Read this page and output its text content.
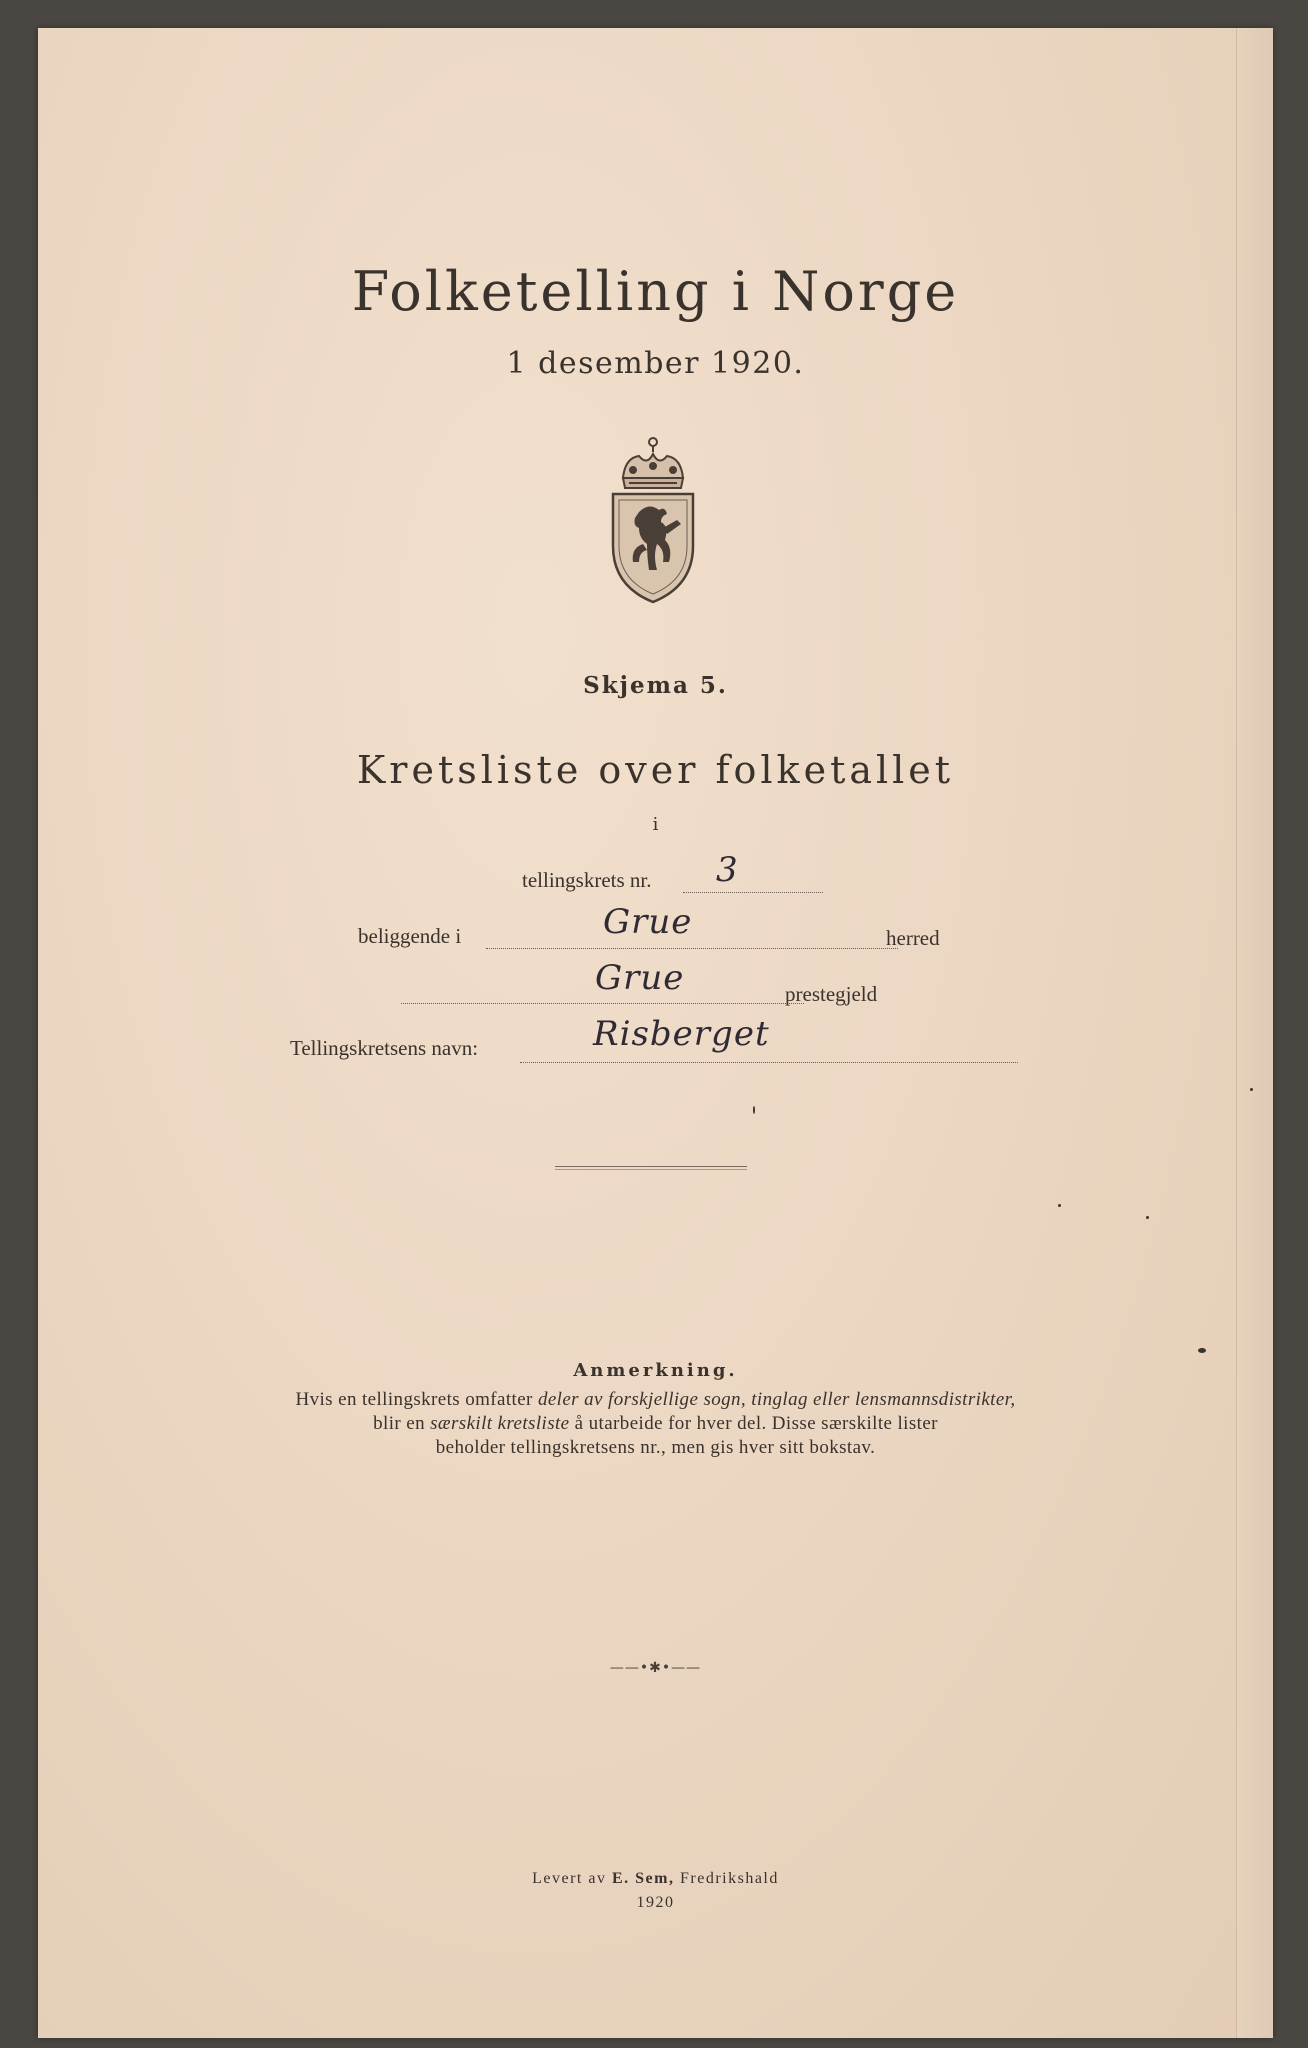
Folketelling i Norge
1 desember 1920.
Skjema 5.
Kretsliste over folketallet
i
tellingskrets nr. 3
beliggende i	Grue	herred
Grue	prestegjeld
Tellingskretsens navn:	Risberget
Anmerkning.
Hvis en tellingskrets omfatter deler av forskjellige sogn, tinglag eller lensmannsdistrikter,
blir en særskilt kretsliste å utarbeide for hver del. Disse særskilte lister
beholder tellingskretsens nr., men gis hver sitt bokstav.
——•✱•——
Levert av E. Sem, Fredrikshald
1920
